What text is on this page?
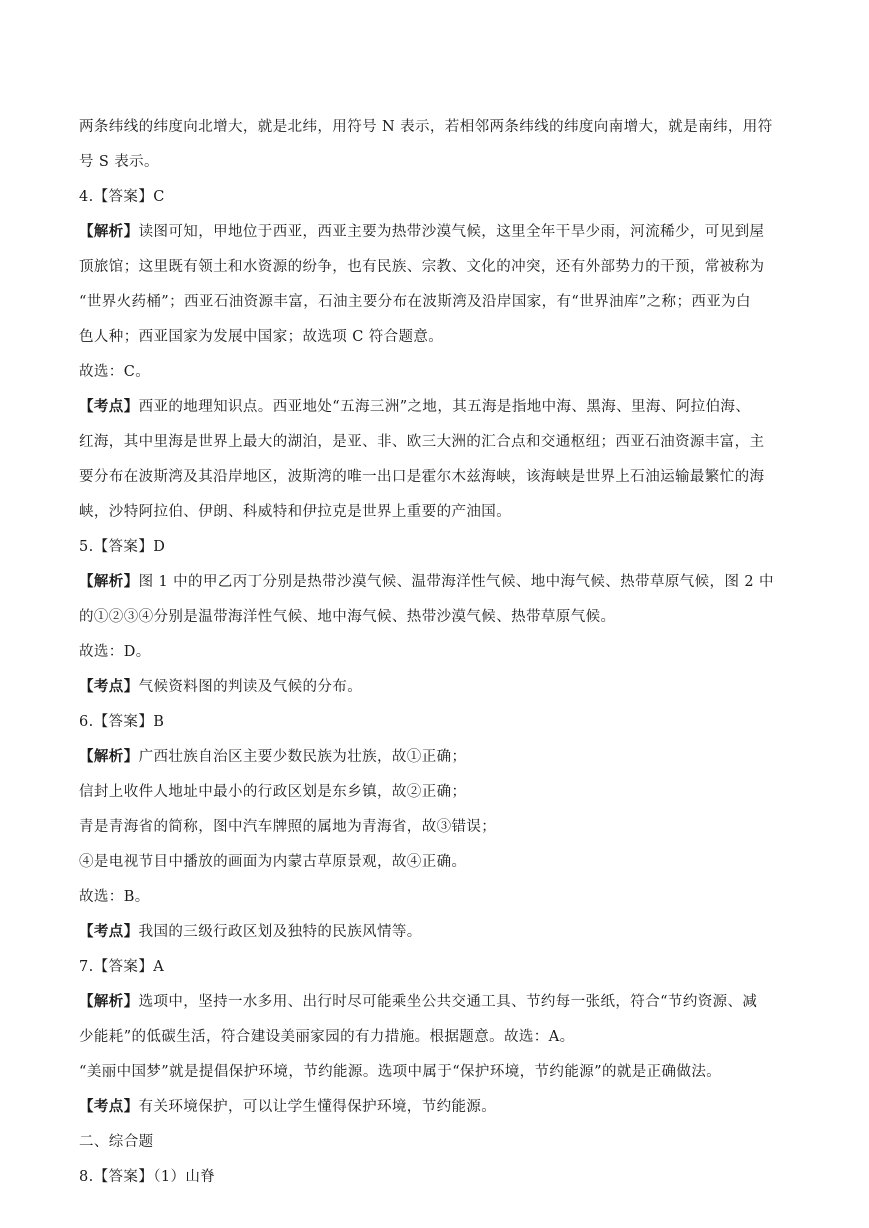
两条纬线的纬度向北增大，就是北纬，用符号 N 表示，若相邻两条纬线的纬度向南增大，就是南纬，用符

号 S 表示。

4.【答案】C

【解析】读图可知，甲地位于西亚，西亚主要为热带沙漠气候，这里全年干旱少雨，河流稀少，可见到屋

顶旅馆；这里既有领土和水资源的纷争，也有民族、宗教、文化的冲突，还有外部势力的干预，常被称为

“世界火药桶”；西亚石油资源丰富，石油主要分布在波斯湾及沿岸国家，有“世界油库”之称；西亚为白

色人种；西亚国家为发展中国家；故选项 C 符合题意。

故选：C。

【考点】西亚的地理知识点。西亚地处“五海三洲”之地，其五海是指地中海、黑海、里海、阿拉伯海、

红海，其中里海是世界上最大的湖泊，是亚、非、欧三大洲的汇合点和交通枢纽；西亚石油资源丰富，主

要分布在波斯湾及其沿岸地区，波斯湾的唯一出口是霍尔木兹海峡，该海峡是世界上石油运输最繁忙的海

峡，沙特阿拉伯、伊朗、科威特和伊拉克是世界上重要的产油国。

5.【答案】D

【解析】图 1 中的甲乙丙丁分别是热带沙漠气候、温带海洋性气候、地中海气候、热带草原气候，图 2 中

的①②③④分别是温带海洋性气候、地中海气候、热带沙漠气候、热带草原气候。

故选：D。

【考点】气候资料图的判读及气候的分布。

6.【答案】B

【解析】广西壮族自治区主要少数民族为壮族，故①正确；

信封上收件人地址中最小的行政区划是东乡镇，故②正确；

青是青海省的简称，图中汽车牌照的属地为青海省，故③错误；

④是电视节目中播放的画面为内蒙古草原景观，故④正确。

故选：B。

【考点】我国的三级行政区划及独特的民族风情等。

7.【答案】A

【解析】选项中，坚持一水多用、出行时尽可能乘坐公共交通工具、节约每一张纸，符合“节约资源、减

少能耗”的低碳生活，符合建设美丽家园的有力措施。根据题意。故选：A。

“美丽中国梦”就是提倡保护环境，节约能源。选项中属于“保护环境，节约能源”的就是正确做法。

【考点】有关环境保护，可以让学生懂得保护环境，节约能源。

二、综合题

8.【答案】（1）山脊
